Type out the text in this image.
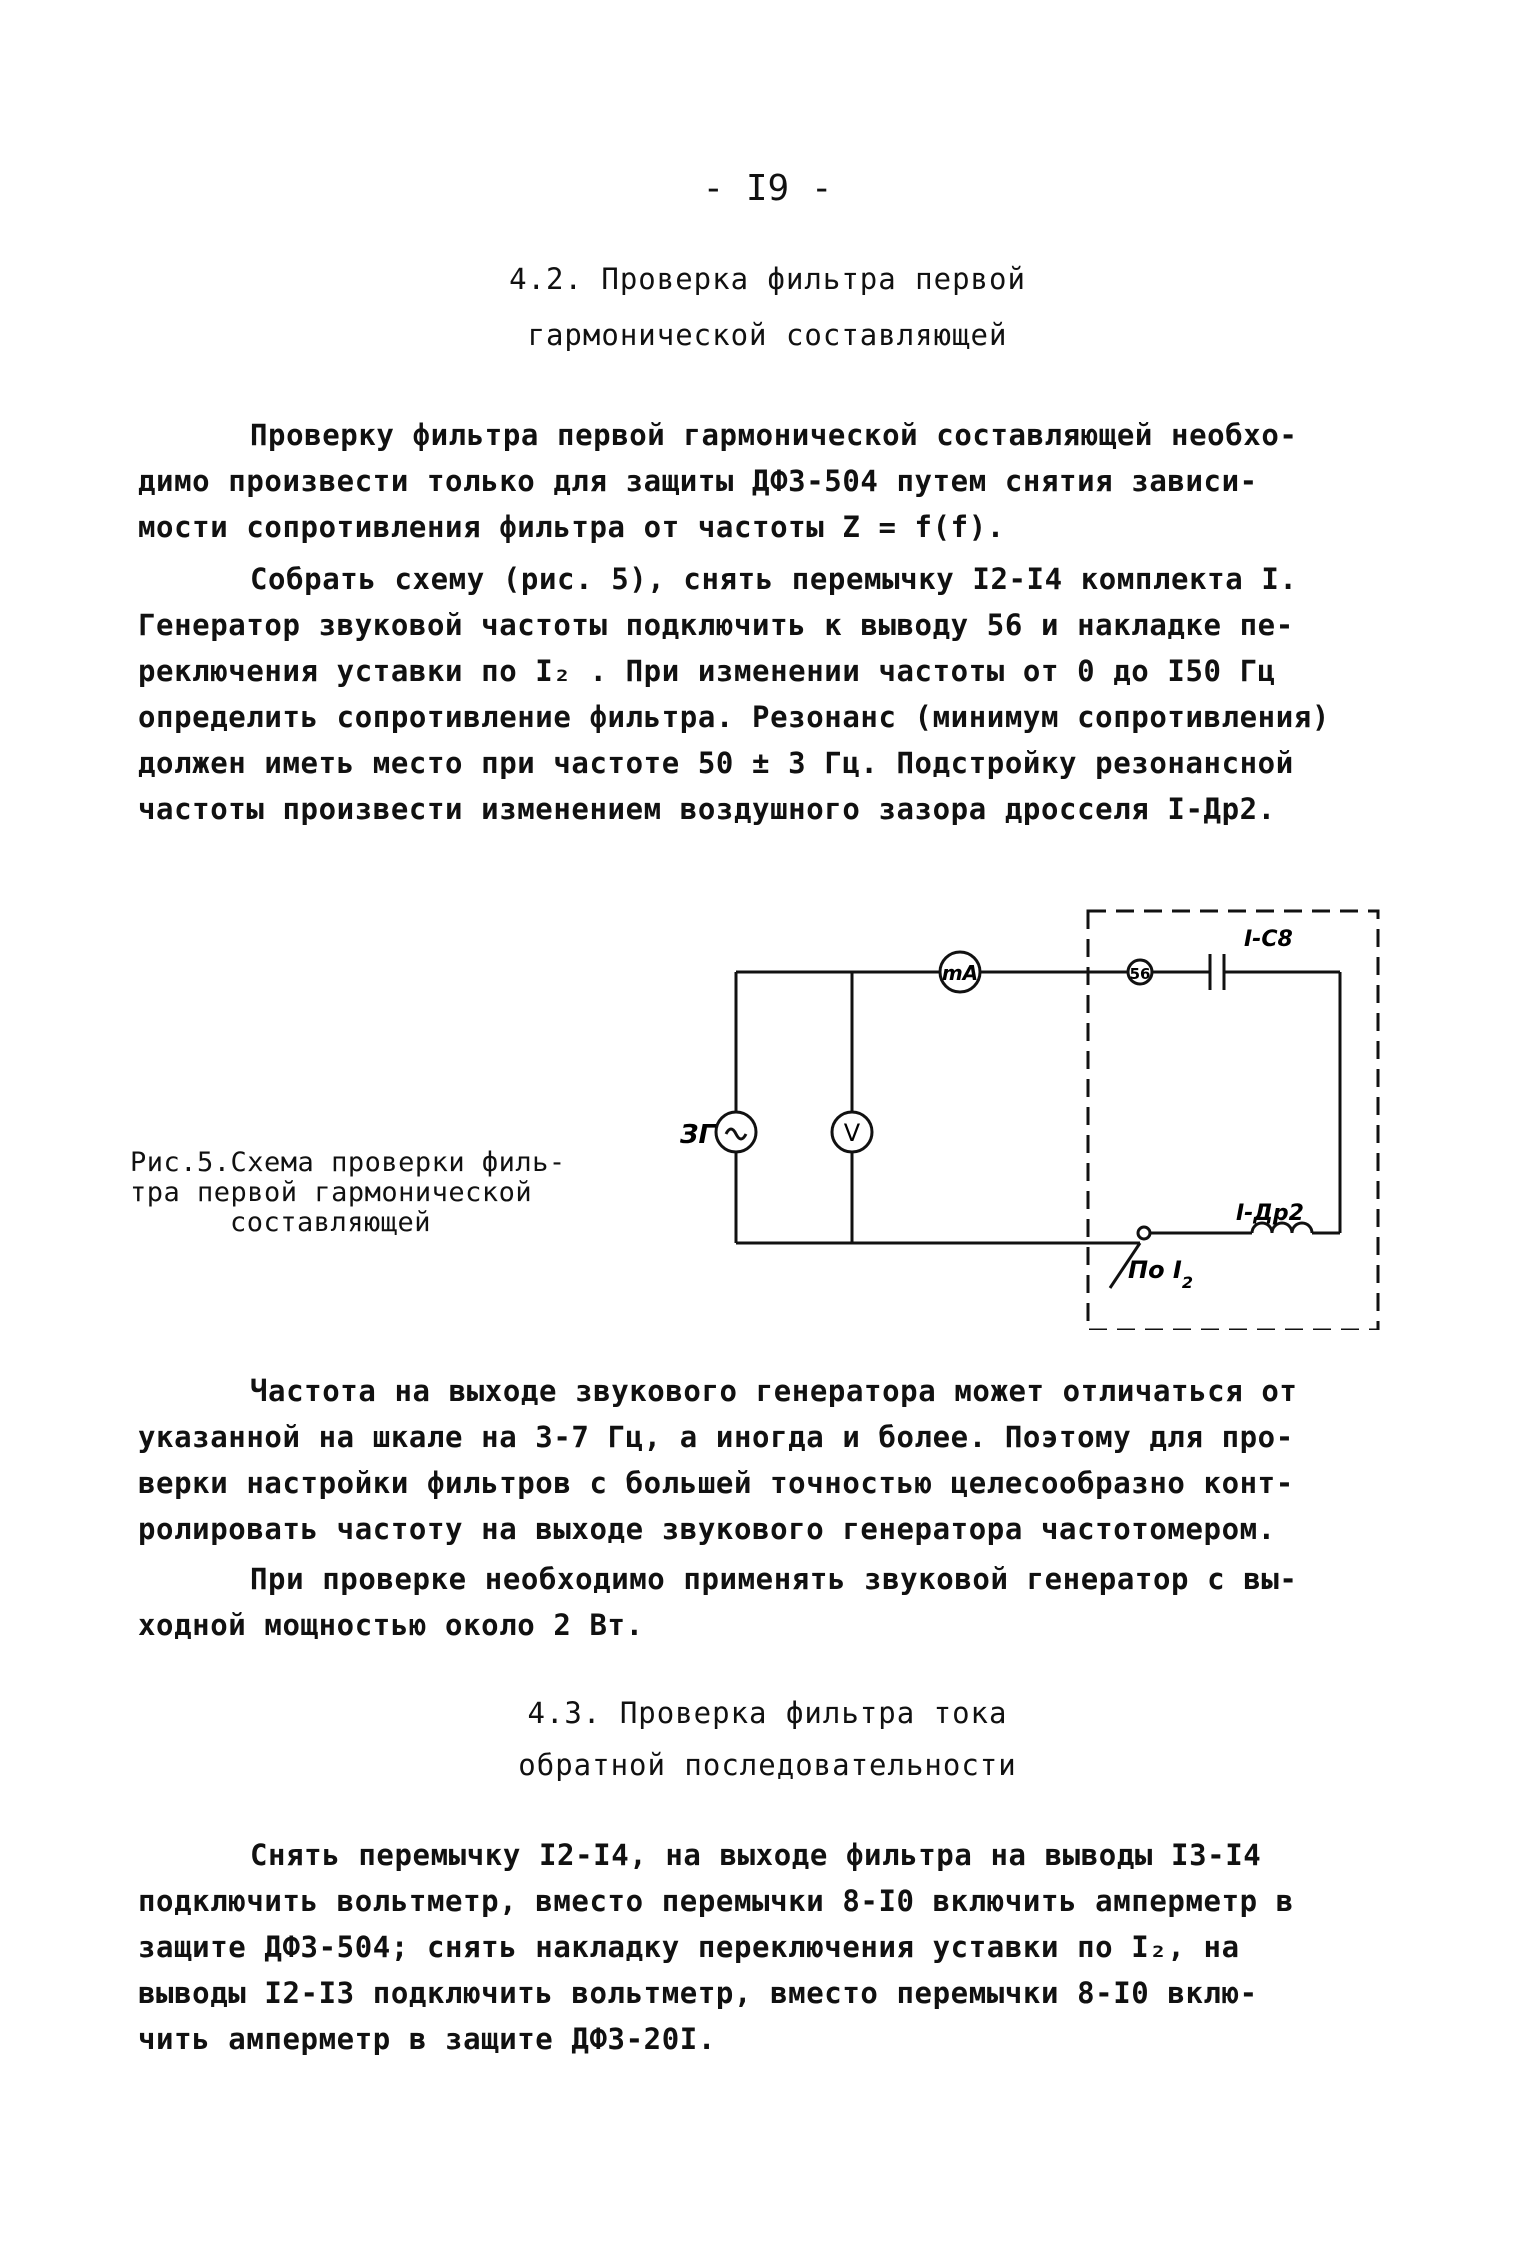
- I9 -
4.2. Проверка фильтра первой
гармонической составляющей
Проверку фильтра первой гармонической составляющей необхо-
димо произвести только для защиты ДФЗ-504 путем снятия зависи-
мости сопротивления фильтра от частоты Z = f(f).
Собрать схему (рис. 5), снять перемычку I2-I4 комплекта I.
Генератор звуковой частоты подключить к выводу 56 и накладке пе-
реключения уставки по I₂ . При изменении частоты от 0 до I50 Гц
определить сопротивление фильтра. Резонанс (минимум сопротивления)
должен иметь место при частоте 50 ± 3 Гц. Подстройку резонансной
частоты произвести изменением воздушного зазора дросселя I-Др2.
Рис.5.Схема проверки филь-
тра первой гармонической
составляющей
ЗГ	V
mA	56
I-C8
I-Др2
По $I_2$
Частота на выходе звукового генератора может отличаться от
указанной на шкале на 3-7 Гц, а иногда и более. Поэтому для про-
верки настройки фильтров с большей точностью целесообразно конт-
ролировать частоту на выходе звукового генератора частотомером.
При проверке необходимо применять звуковой генератор с вы-
ходной мощностью около 2 Вт.
4.3. Проверка фильтра тока
обратной последовательности
Снять перемычку I2-I4, на выходе фильтра на выводы I3-I4
подключить вольтметр, вместо перемычки 8-I0 включить амперметр в
защите ДФЗ-504; снять накладку переключения уставки по I₂, на
выводы I2-I3 подключить вольтметр, вместо перемычки 8-I0 вклю-
чить амперметр в защите ДФЗ-20I.
